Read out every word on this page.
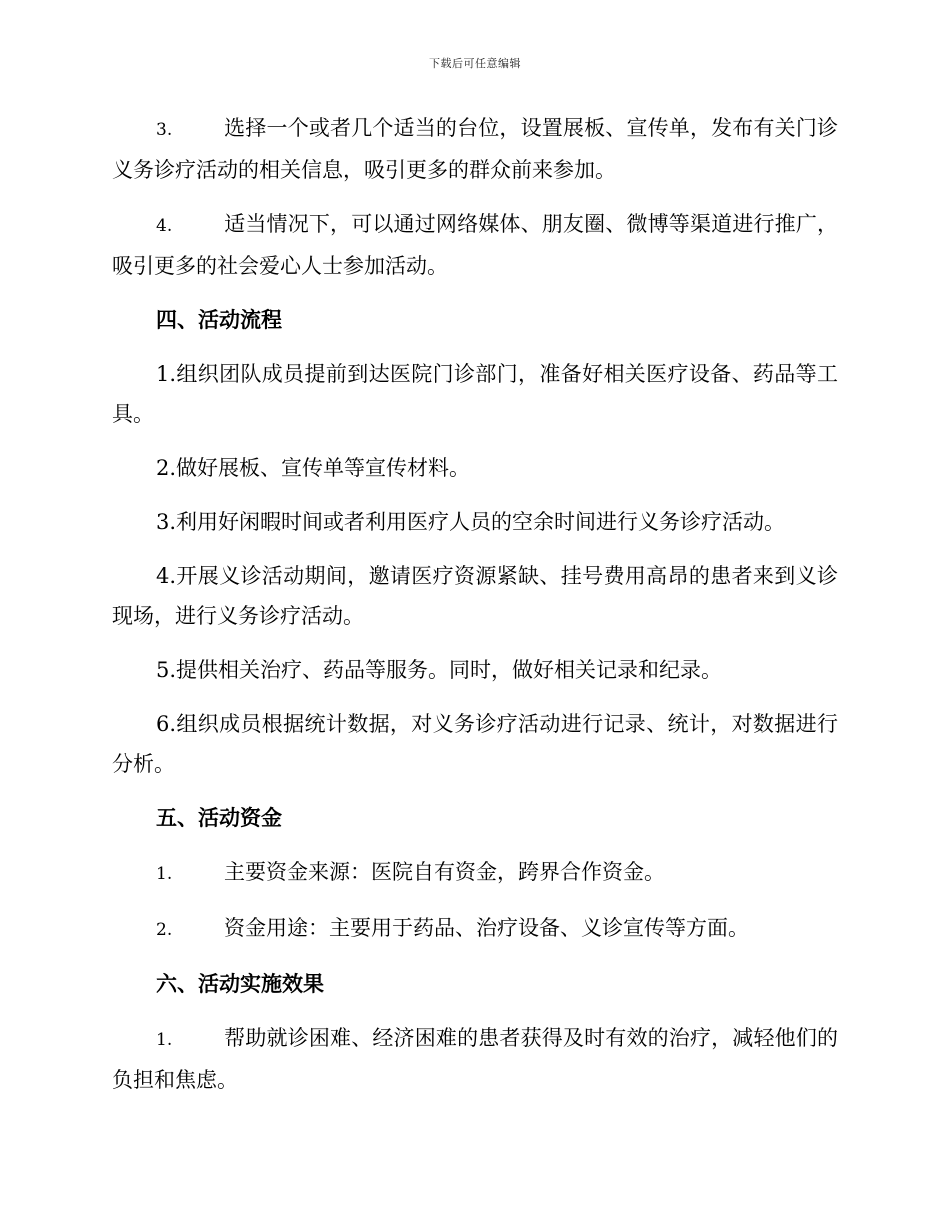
下载后可任意编辑

3. 选择一个或者几个适当的台位，设置展板、宣传单，发布有关门诊义务诊疗活动的相关信息，吸引更多的群众前来参加。

4. 适当情况下，可以通过网络媒体、朋友圈、微博等渠道进行推广，吸引更多的社会爱心人士参加活动。

四、活动流程

1.组织团队成员提前到达医院门诊部门，准备好相关医疗设备、药品等工具。

2.做好展板、宣传单等宣传材料。

3.利用好闲暇时间或者利用医疗人员的空余时间进行义务诊疗活动。

4.开展义诊活动期间，邀请医疗资源紧缺、挂号费用高昂的患者来到义诊现场，进行义务诊疗活动。

5.提供相关治疗、药品等服务。同时，做好相关记录和纪录。

6.组织成员根据统计数据，对义务诊疗活动进行记录、统计，对数据进行分析。

五、活动资金

1. 主要资金来源：医院自有资金，跨界合作资金。

2. 资金用途：主要用于药品、治疗设备、义诊宣传等方面。

六、活动实施效果

1. 帮助就诊困难、经济困难的患者获得及时有效的治疗，减轻他们的负担和焦虑。
